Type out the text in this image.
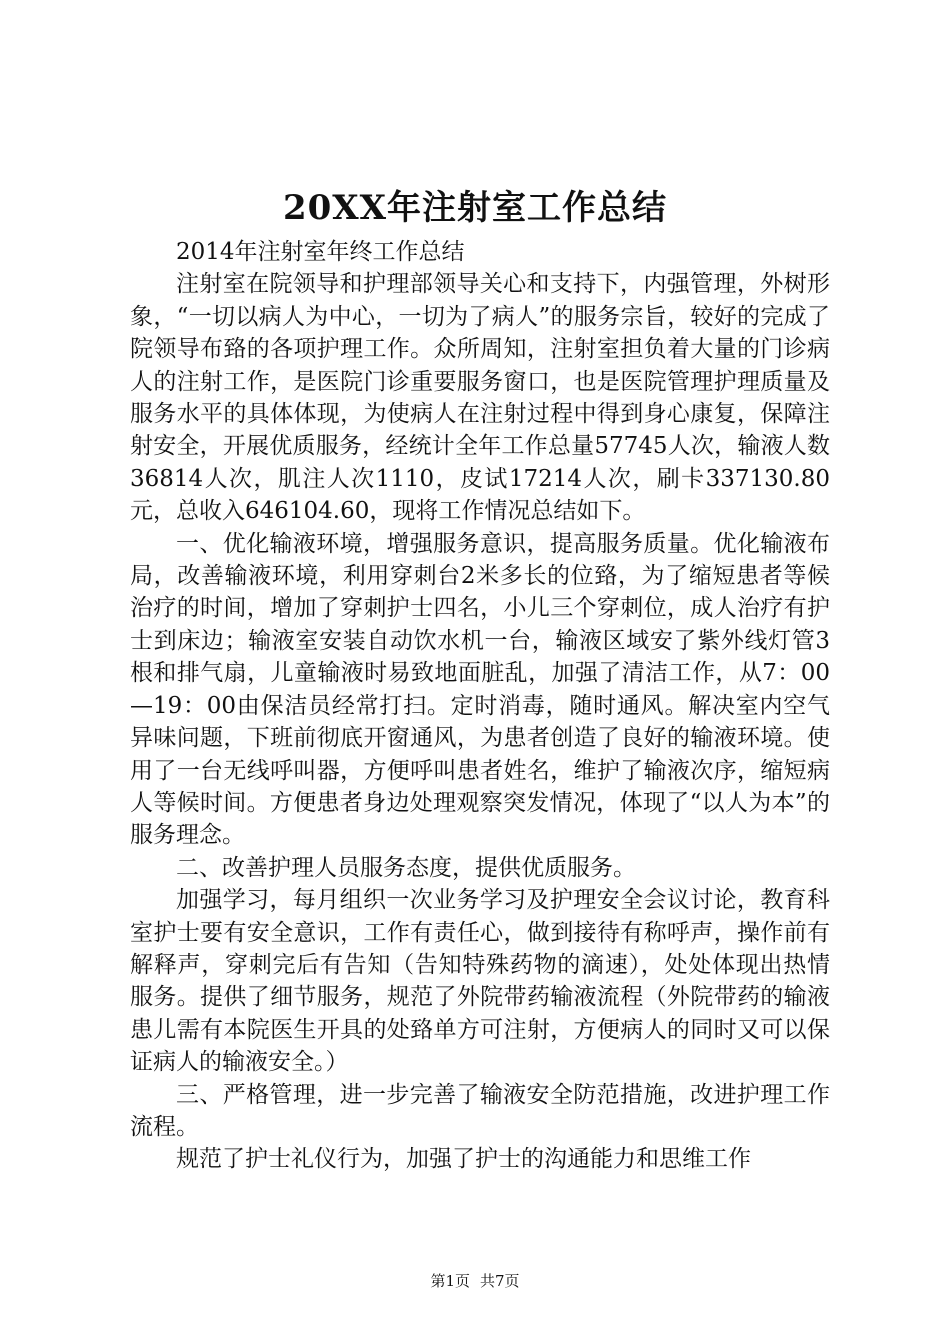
20XX年注射室工作总结

2014年注射室年终工作总结

注射室在院领导和护理部领导关心和支持下，内强管理，外树形象，“一切以病人为中心，一切为了病人”的服务宗旨，较好的完成了院领导布臵的各项护理工作。众所周知，注射室担负着大量的门诊病人的注射工作，是医院门诊重要服务窗口，也是医院管理护理质量及服务水平的具体体现，为使病人在注射过程中得到身心康复，保障注射安全，开展优质服务，经统计全年工作总量57745人次，输液人数36814人次，肌注人次1110，皮试17214人次，刷卡337130.80元，总收入646104.60，现将工作情况总结如下。

一、优化输液环境，增强服务意识，提高服务质量。优化输液布局，改善输液环境，利用穿刺台2米多长的位臵，为了缩短患者等候治疗的时间，增加了穿刺护士四名，小儿三个穿刺位，成人治疗有护士到床边；输液室安装自动饮水机一台，输液区域安了紫外线灯管3根和排气扇，儿童输液时易致地面脏乱，加强了清洁工作，从7：00—19：00由保洁员经常打扫。定时消毒，随时通风。解决室内空气异味问题，下班前彻底开窗通风，为患者创造了良好的输液环境。使用了一台无线呼叫器，方便呼叫患者姓名，维护了输液次序，缩短病人等候时间。方便患者身边处理观察突发情况，体现了“以人为本”的服务理念。

二、改善护理人员服务态度，提供优质服务。

加强学习，每月组织一次业务学习及护理安全会议讨论，教育科室护士要有安全意识，工作有责任心，做到接待有称呼声，操作前有解释声，穿刺完后有告知（告知特殊药物的滴速），处处体现出热情服务。提供了细节服务，规范了外院带药输液流程（外院带药的输液患儿需有本院医生开具的处臵单方可注射，方便病人的同时又可以保证病人的输液安全。）

三、严格管理，进一步完善了输液安全防范措施，改进护理工作流程。

规范了护士礼仪行为，加强了护士的沟通能力和思维工作

第1页 共7页
